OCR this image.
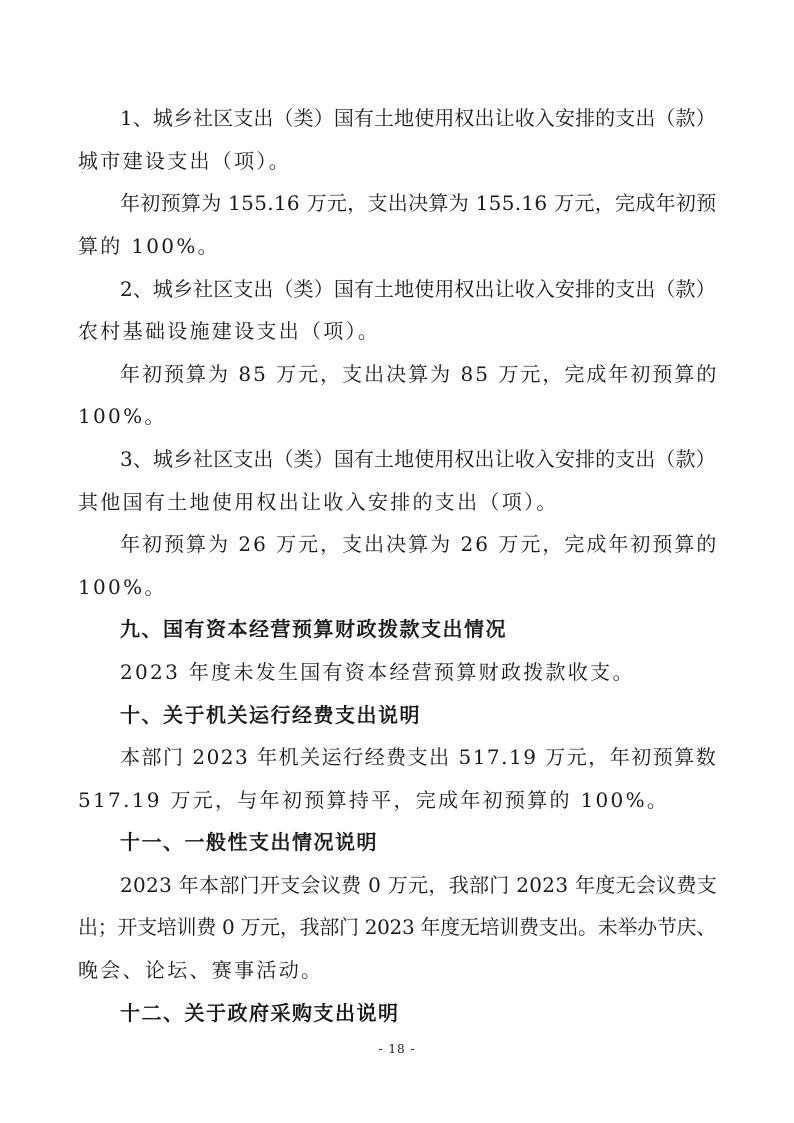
1、城乡社区支出（类）国有土地使用权出让收入安排的支出（款）
城市建设支出（项）。
年初预算为 155.16 万元，支出决算为 155.16 万元，完成年初预
算的 100%。
2、城乡社区支出（类）国有土地使用权出让收入安排的支出（款）
农村基础设施建设支出（项）。
年初预算为 85 万元，支出决算为 85 万元，完成年初预算的
100%。
3、城乡社区支出（类）国有土地使用权出让收入安排的支出（款）
其他国有土地使用权出让收入安排的支出（项）。
年初预算为 26 万元，支出决算为 26 万元，完成年初预算的
100%。
九、国有资本经营预算财政拨款支出情况
2023 年度未发生国有资本经营预算财政拨款收支。
十、关于机关运行经费支出说明
本部门 2023 年机关运行经费支出 517.19 万元，年初预算数
517.19 万元，与年初预算持平，完成年初预算的 100%。
十一、一般性支出情况说明
2023 年本部门开支会议费 0 万元，我部门 2023 年度无会议费支
出；开支培训费 0 万元，我部门 2023 年度无培训费支出。未举办节庆、
晚会、论坛、赛事活动。
十二、关于政府采购支出说明
- 18 -
